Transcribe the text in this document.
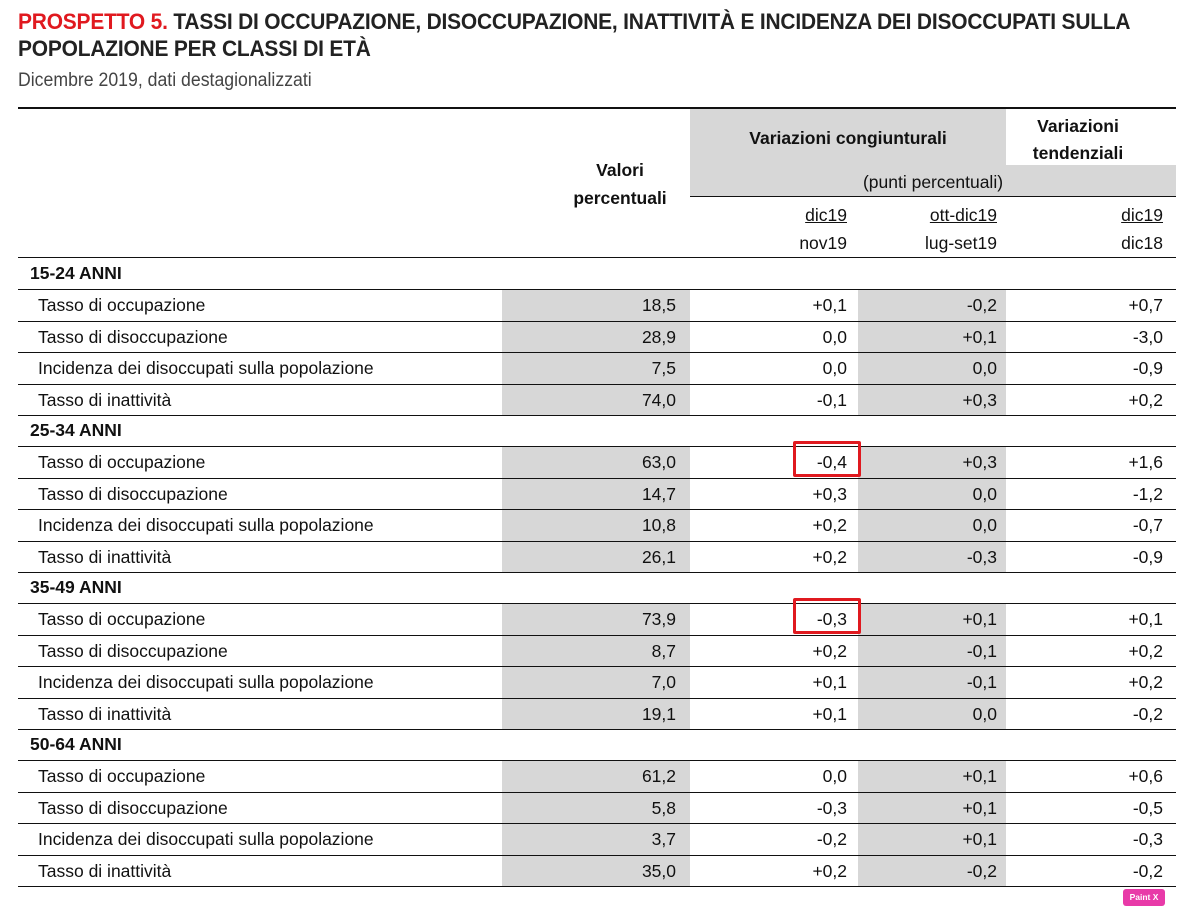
PROSPETTO 5. TASSI DI OCCUPAZIONE, DISOCCUPAZIONE, INATTIVITÀ E INCIDENZA DEI DISOCCUPATI SULLA
POPOLAZIONE PER CLASSI DI ETÀ
Dicembre 2019, dati destagionalizzati
Valori
percentuali
Variazioni congiunturali
Variazioni
tendenziali
(punti percentuali)
dic19
nov19
ott-dic19
lug-set19
dic19
dic18
15-24 ANNI
Tasso di occupazione	18,5	+0,1	-0,2	+0,7
Tasso di disoccupazione	28,9	0,0	+0,1	-3,0
Incidenza dei disoccupati sulla popolazione	7,5	0,0	0,0	-0,9
Tasso di inattività	74,0	-0,1	+0,3	+0,2
25-34 ANNI
Tasso di occupazione	63,0	-0,4	+0,3	+1,6
Tasso di disoccupazione	14,7	+0,3	0,0	-1,2
Incidenza dei disoccupati sulla popolazione	10,8	+0,2	0,0	-0,7
Tasso di inattività	26,1	+0,2	-0,3	-0,9
35-49 ANNI
Tasso di occupazione	73,9	-0,3	+0,1	+0,1
Tasso di disoccupazione	8,7	+0,2	-0,1	+0,2
Incidenza dei disoccupati sulla popolazione	7,0	+0,1	-0,1	+0,2
Tasso di inattività	19,1	+0,1	0,0	-0,2
50-64 ANNI
Tasso di occupazione	61,2	0,0	+0,1	+0,6
Tasso di disoccupazione	5,8	-0,3	+0,1	-0,5
Incidenza dei disoccupati sulla popolazione	3,7	-0,2	+0,1	-0,3
Tasso di inattività	35,0	+0,2	-0,2	-0,2
Paint X lite
